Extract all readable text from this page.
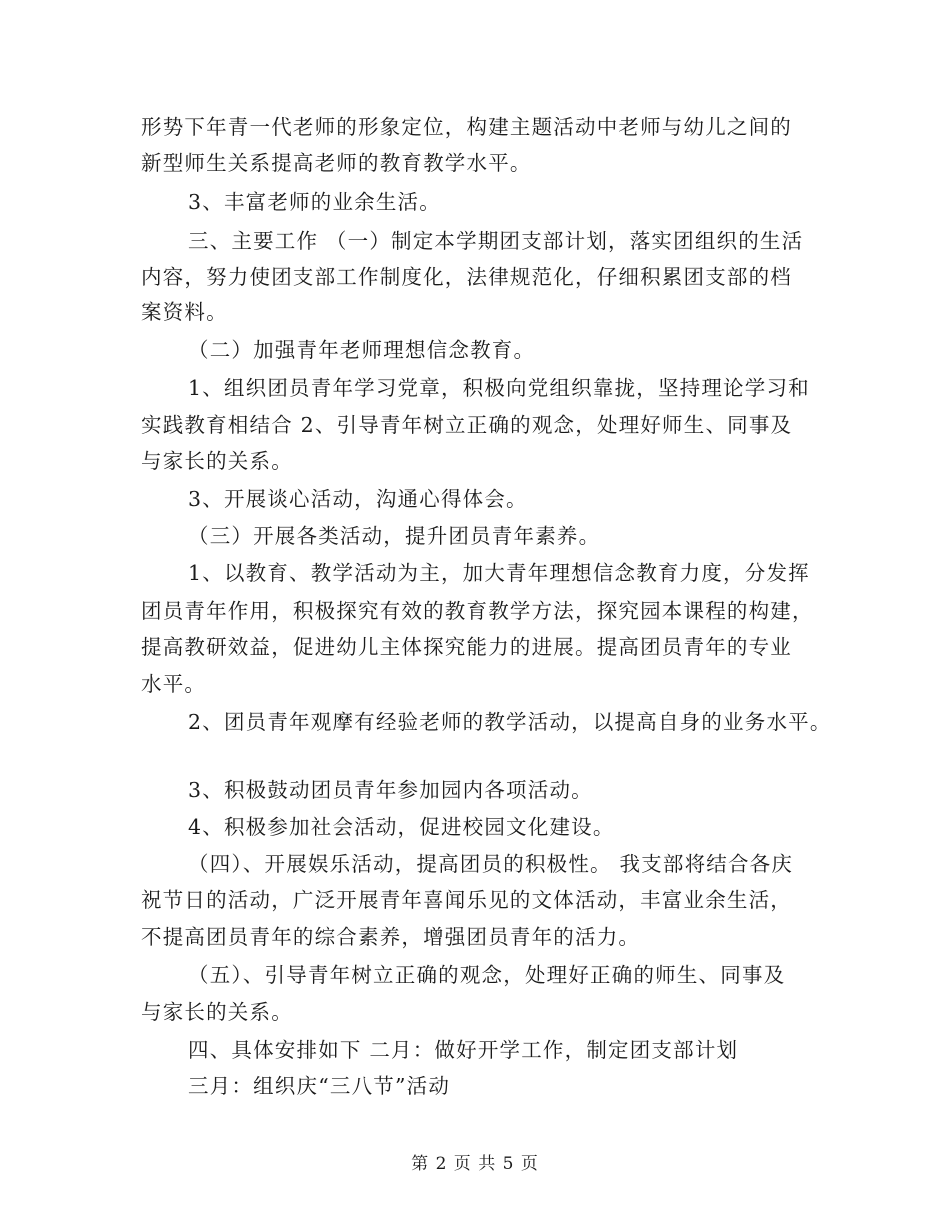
形势下年青一代老师的形象定位，构建主题活动中老师与幼儿之间的
新型师生关系提高老师的教育教学水平。
3、丰富老师的业余生活。
三、主要工作 （一）制定本学期团支部计划，落实团组织的生活
内容，努力使团支部工作制度化，法律规范化，仔细积累团支部的档
案资料。
（二）加强青年老师理想信念教育。
1、组织团员青年学习党章，积极向党组织靠拢，坚持理论学习和
实践教育相结合 2、引导青年树立正确的观念，处理好师生、同事及
与家长的关系。
3、开展谈心活动，沟通心得体会。
（三）开展各类活动，提升团员青年素养。
1、以教育、教学活动为主，加大青年理想信念教育力度，分发挥
团员青年作用，积极探究有效的教育教学方法，探究园本课程的构建，
提高教研效益，促进幼儿主体探究能力的进展。提高团员青年的专业
水平。
2、团员青年观摩有经验老师的教学活动，以提高自身的业务水平。
3、积极鼓动团员青年参加园内各项活动。
4、积极参加社会活动，促进校园文化建设。
（四）、开展娱乐活动，提高团员的积极性。 我支部将结合各庆
祝节日的活动，广泛开展青年喜闻乐见的文体活动，丰富业余生活，
不提高团员青年的综合素养，增强团员青年的活力。
（五）、引导青年树立正确的观念，处理好正确的师生、同事及
与家长的关系。
四、具体安排如下 二月：做好开学工作，制定团支部计划
三月：组织庆“三八节”活动
第 2 页 共 5 页
